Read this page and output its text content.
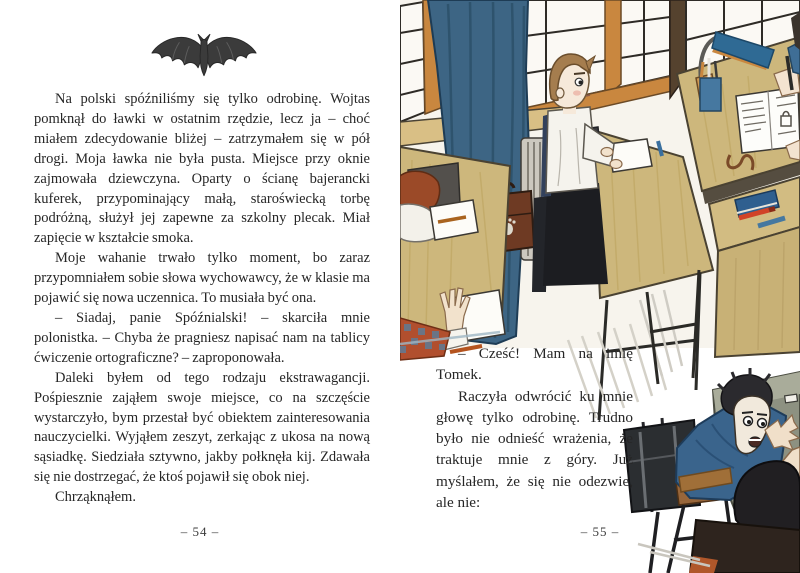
Na polski spóźniliśmy się tylko odrobinę. Wojtas pomknął do ławki w ostatnim rzędzie, lecz ja – choć miałem zdecydowanie bliżej – zatrzymałem się w pół drogi. Moja ławka nie była pusta. Miejsce przy oknie zajmowała dziewczyna. Oparty o ścianę bajerancki kuferek, przypominający małą, staroświecką torbę podróżną, służył jej zapewne za szkolny plecak. Miał zapięcie w kształcie smoka.

Moje wahanie trwało tylko moment, bo zaraz przypomniałem sobie słowa wychowawcy, że w klasie ma pojawić się nowa uczennica. To musiała być ona.

– Siadaj, panie Spóźnialski! – skarciła mnie polonistka. – Chyba że pragniesz napisać nam na tablicy ćwiczenie ortograficzne? – zaproponowała.

Daleki byłem od tego rodzaju ekstrawagancji. Pośpiesznie zająłem swoje miejsce, co na szczęście wystarczyło, bym przestał być obiektem zainteresowania nauczycielki. Wyjąłem zeszyt, zerkając z ukosa na nową sąsiadkę. Siedziała sztywno, jakby połknęła kij. Zdawała się nie dostrzegać, że ktoś pojawił się obok niej.

Chrząknąłem.

– 54 –

– Cześć! Mam na imię Tomek.

Raczyła odwrócić ku mnie głowę tylko odrobinę. Trudno było nie odnieść wrażenia, że traktuje mnie z góry. Już myślałem, że się nie odezwie, ale nie:

– 55 –
